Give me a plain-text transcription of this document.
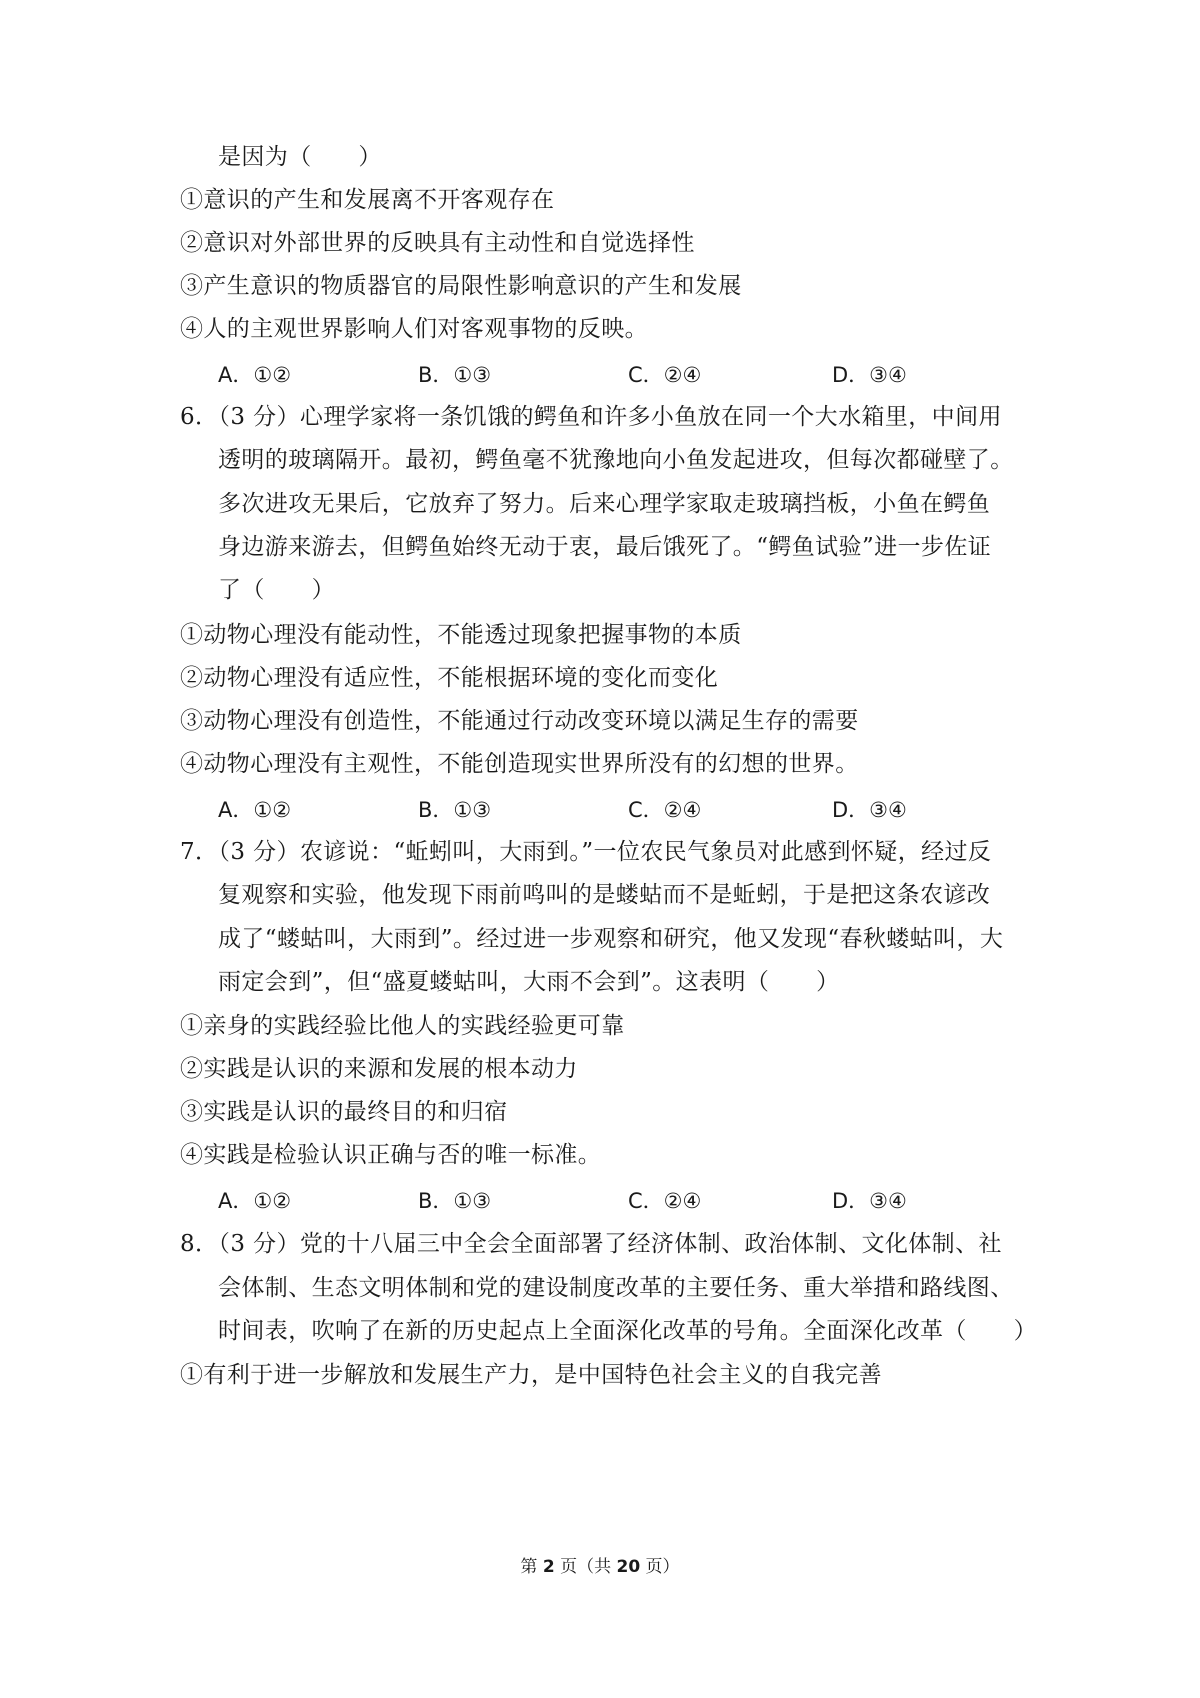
是因为（　　）
①意识的产生和发展离不开客观存在
②意识对外部世界的反映具有主动性和自觉选择性
③产生意识的物质器官的局限性影响意识的产生和发展
④人的主观世界影响人们对客观事物的反映。
A．①②	B．①③	C．②④	D．③④
6．（3 分）心理学家将一条饥饿的鳄鱼和许多小鱼放在同一个大水箱里，中间用
透明的玻璃隔开。最初，鳄鱼毫不犹豫地向小鱼发起进攻，但每次都碰壁了。
多次进攻无果后，它放弃了努力。后来心理学家取走玻璃挡板，小鱼在鳄鱼
身边游来游去，但鳄鱼始终无动于衷，最后饿死了。“鳄鱼试验”进一步佐证
了（　　）
①动物心理没有能动性，不能透过现象把握事物的本质
②动物心理没有适应性，不能根据环境的变化而变化
③动物心理没有创造性，不能通过行动改变环境以满足生存的需要
④动物心理没有主观性，不能创造现实世界所没有的幻想的世界。
A．①②	B．①③	C．②④	D．③④
7．（3 分）农谚说：“蚯蚓叫，大雨到。”一位农民气象员对此感到怀疑，经过反
复观察和实验，他发现下雨前鸣叫的是蝼蛄而不是蚯蚓，于是把这条农谚改
成了“蝼蛄叫，大雨到”。经过进一步观察和研究，他又发现“春秋蝼蛄叫，大
雨定会到”，但“盛夏蝼蛄叫，大雨不会到”。这表明（　　）
①亲身的实践经验比他人的实践经验更可靠
②实践是认识的来源和发展的根本动力
③实践是认识的最终目的和归宿
④实践是检验认识正确与否的唯一标准。
A．①②	B．①③	C．②④	D．③④
8．（3 分）党的十八届三中全会全面部署了经济体制、政治体制、文化体制、社
会体制、生态文明体制和党的建设制度改革的主要任务、重大举措和路线图、
时间表，吹响了在新的历史起点上全面深化改革的号角。全面深化改革（　　）
①有利于进一步解放和发展生产力，是中国特色社会主义的自我完善
第 2 页（共 20 页）
